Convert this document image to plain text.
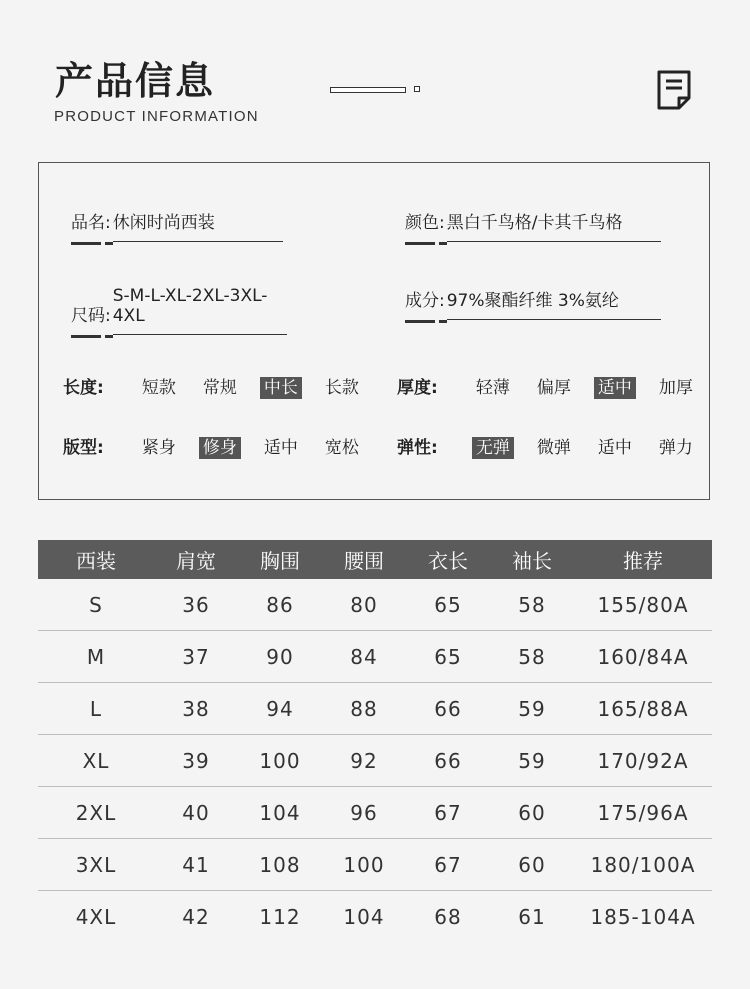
产品信息
PRODUCT INFORMATION
品名: 休闲时尚西装	颜色: 黑白千鸟格/卡其千鸟格
尺码:S-M-L-XL-2XL-3XL-4XL
成分: 97%聚酯纤维 3%氨纶
长度: 短款 常规 中长 长款	厚度: 轻薄 偏厚 适中 加厚
版型: 紧身 修身 适中 宽松	弹性: 无弹 微弹 适中 弹力
西装	肩宽	胸围	腰围	衣长	袖长	推荐
S	36	86	80	65	58	155/80A
M	37	90	84	65	58	160/84A
L	38	94	88	66	59	165/88A
XL	39	100	92	66	59	170/92A
2XL	40	104	96	67	60	175/96A
3XL	41	108	100	67	60	180/100A
4XL	42	112	104	68	61	185-104A
